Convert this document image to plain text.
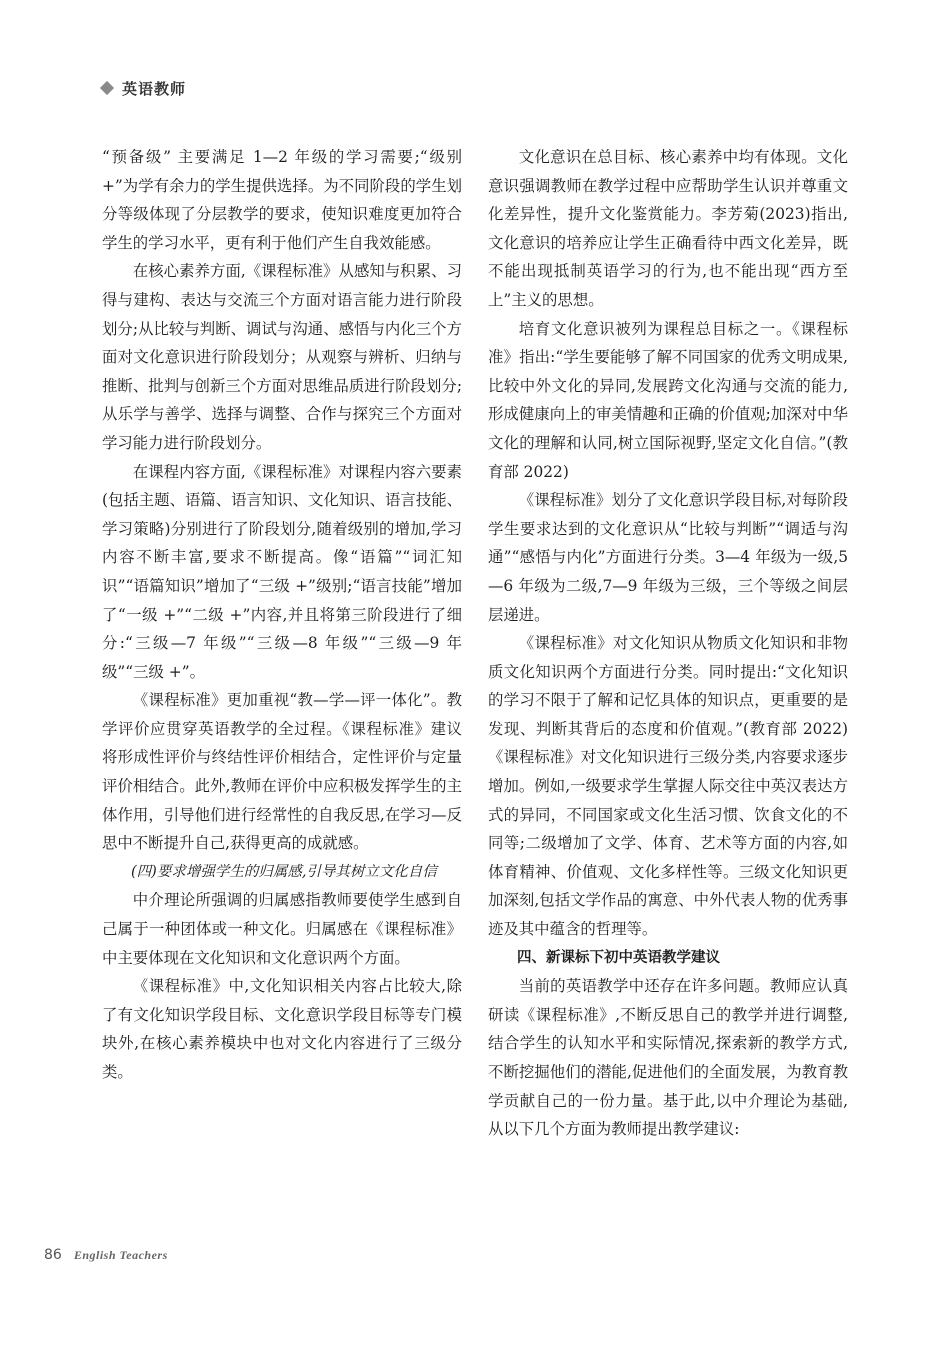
英语教师

“预备级” 主要满足 1—2 年级的学习需要;“级别+”为学有余力的学生提供选择。为不同阶段的学生划分等级体现了分层教学的要求，使知识难度更加符合学生的学习水平，更有利于他们产生自我效能感。

在核心素养方面,《课程标准》从感知与积累、习得与建构、表达与交流三个方面对语言能力进行阶段划分;从比较与判断、调试与沟通、感悟与内化三个方面对文化意识进行阶段划分；从观察与辨析、归纳与推断、批判与创新三个方面对思维品质进行阶段划分;从乐学与善学、选择与调整、合作与探究三个方面对学习能力进行阶段划分。

在课程内容方面,《课程标准》对课程内容六要素(包括主题、语篇、语言知识、文化知识、语言技能、学习策略)分别进行了阶段划分,随着级别的增加,学习内容不断丰富,要求不断提高。像“语篇”“词汇知识”“语篇知识”增加了“三级 +”级别;“语言技能”增加了“一级 +”“二级 +”内容,并且将第三阶段进行了细分:“三级—7 年级”“三级—8 年级”“三级—9 年级”“三级 +”。

《课程标准》更加重视“教—学—评一体化”。教学评价应贯穿英语教学的全过程。《课程标准》建议将形成性评价与终结性评价相结合，定性评价与定量评价相结合。此外,教师在评价中应积极发挥学生的主体作用，引导他们进行经常性的自我反思,在学习—反思中不断提升自己,获得更高的成就感。

(四)要求增强学生的归属感,引导其树立文化自信

中介理论所强调的归属感指教师要使学生感到自己属于一种团体或一种文化。归属感在《课程标准》中主要体现在文化知识和文化意识两个方面。

《课程标准》中,文化知识相关内容占比较大,除了有文化知识学段目标、文化意识学段目标等专门模块外,在核心素养模块中也对文化内容进行了三级分类。

文化意识在总目标、核心素养中均有体现。文化意识强调教师在教学过程中应帮助学生认识并尊重文化差异性，提升文化鉴赏能力。李芳菊(2023)指出,文化意识的培养应让学生正确看待中西文化差异，既不能出现抵制英语学习的行为,也不能出现“西方至上”主义的思想。

培育文化意识被列为课程总目标之一。《课程标准》指出:“学生要能够了解不同国家的优秀文明成果,比较中外文化的异同,发展跨文化沟通与交流的能力,形成健康向上的审美情趣和正确的价值观;加深对中华文化的理解和认同,树立国际视野,坚定文化自信。”(教育部 2022)

《课程标准》划分了文化意识学段目标,对每阶段学生要求达到的文化意识从“比较与判断”“调适与沟通”“感悟与内化”方面进行分类。3—4 年级为一级,5—6 年级为二级,7—9 年级为三级，三个等级之间层层递进。

《课程标准》对文化知识从物质文化知识和非物质文化知识两个方面进行分类。同时提出:“文化知识的学习不限于了解和记忆具体的知识点，更重要的是发现、判断其背后的态度和价值观。”(教育部 2022)《课程标准》对文化知识进行三级分类,内容要求逐步增加。例如,一级要求学生掌握人际交往中英汉表达方式的异同，不同国家或文化生活习惯、饮食文化的不同等;二级增加了文学、体育、艺术等方面的内容,如体育精神、价值观、文化多样性等。三级文化知识更加深刻,包括文学作品的寓意、中外代表人物的优秀事迹及其中蕴含的哲理等。

四、新课标下初中英语教学建议

当前的英语教学中还存在许多问题。教师应认真研读《课程标准》,不断反思自己的教学并进行调整,结合学生的认知水平和实际情况,探索新的教学方式,不断挖掘他们的潜能,促进他们的全面发展，为教育教学贡献自己的一份力量。基于此,以中介理论为基础,从以下几个方面为教师提出教学建议:

86 English Teachers
